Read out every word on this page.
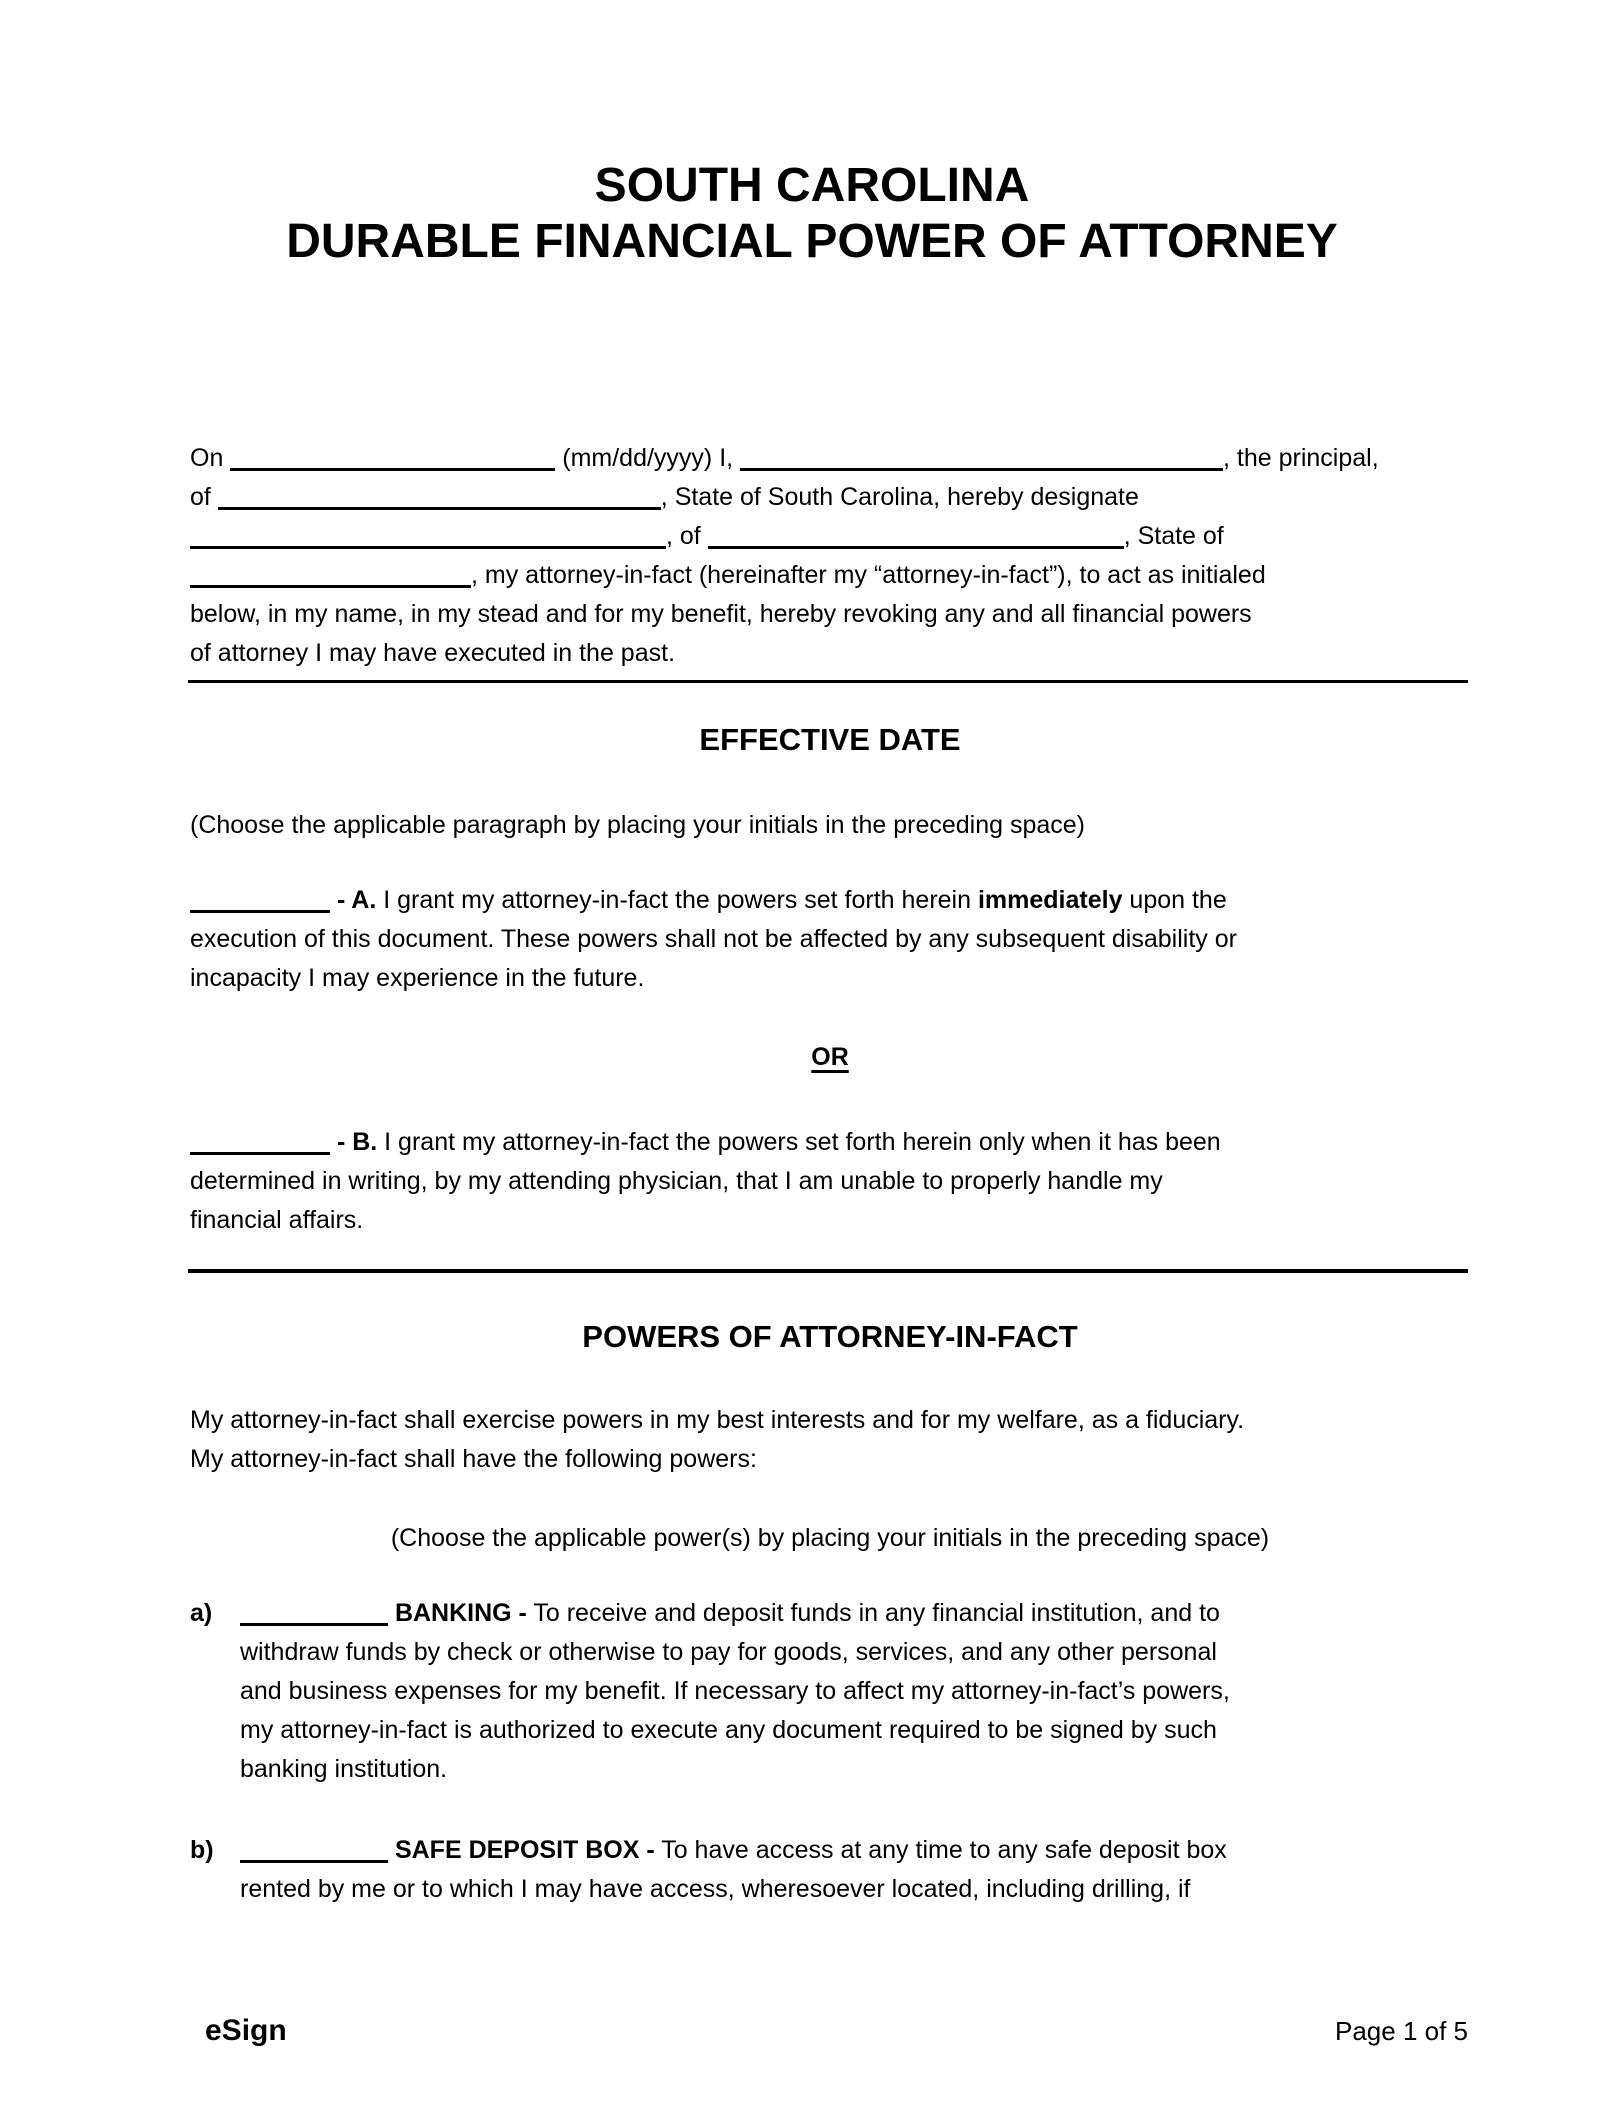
SOUTH CAROLINA
DURABLE FINANCIAL POWER OF ATTORNEY
On	(mm/dd/yyyy) I,	, the principal,
of	, State of South Carolina, hereby designate
, of	, State of
, my attorney-in-fact (hereinafter my “attorney-in-fact”), to act as initialed
below, in my name, in my stead and for my benefit, hereby revoking any and all financial powers
of attorney I may have executed in the past.
EFFECTIVE DATE
(Choose the applicable paragraph by placing your initials in the preceding space)
- A. I grant my attorney-in-fact the powers set forth herein immediately upon the
execution of this document. These powers shall not be affected by any subsequent disability or
incapacity I may experience in the future.
OR
- B. I grant my attorney-in-fact the powers set forth herein only when it has been
determined in writing, by my attending physician, that I am unable to properly handle my
financial affairs.
POWERS OF ATTORNEY-IN-FACT
My attorney-in-fact shall exercise powers in my best interests and for my welfare, as a fiduciary.
My attorney-in-fact shall have the following powers:
(Choose the applicable power(s) by placing your initials in the preceding space)
a)	BANKING - To receive and deposit funds in any financial institution, and to
withdraw funds by check or otherwise to pay for goods, services, and any other personal
and business expenses for my benefit. If necessary to affect my attorney-in-fact’s powers,
my attorney-in-fact is authorized to execute any document required to be signed by such
banking institution.
b)	SAFE DEPOSIT BOX - To have access at any time to any safe deposit box
rented by me or to which I may have access, wheresoever located, including drilling, if
eSign	Page 1 of 5
